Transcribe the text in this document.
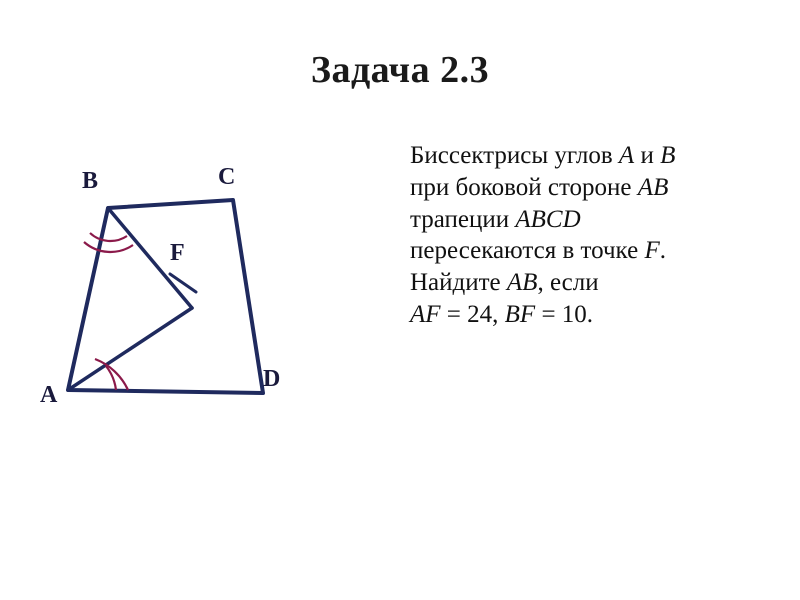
Задача 2.3
B	C
F
A
D
Биссектрисы углов A и B
при боковой стороне AB
трапеции ABCD
пересекаются в точке F.
Найдите AB, если
AF = 24, BF = 10.
